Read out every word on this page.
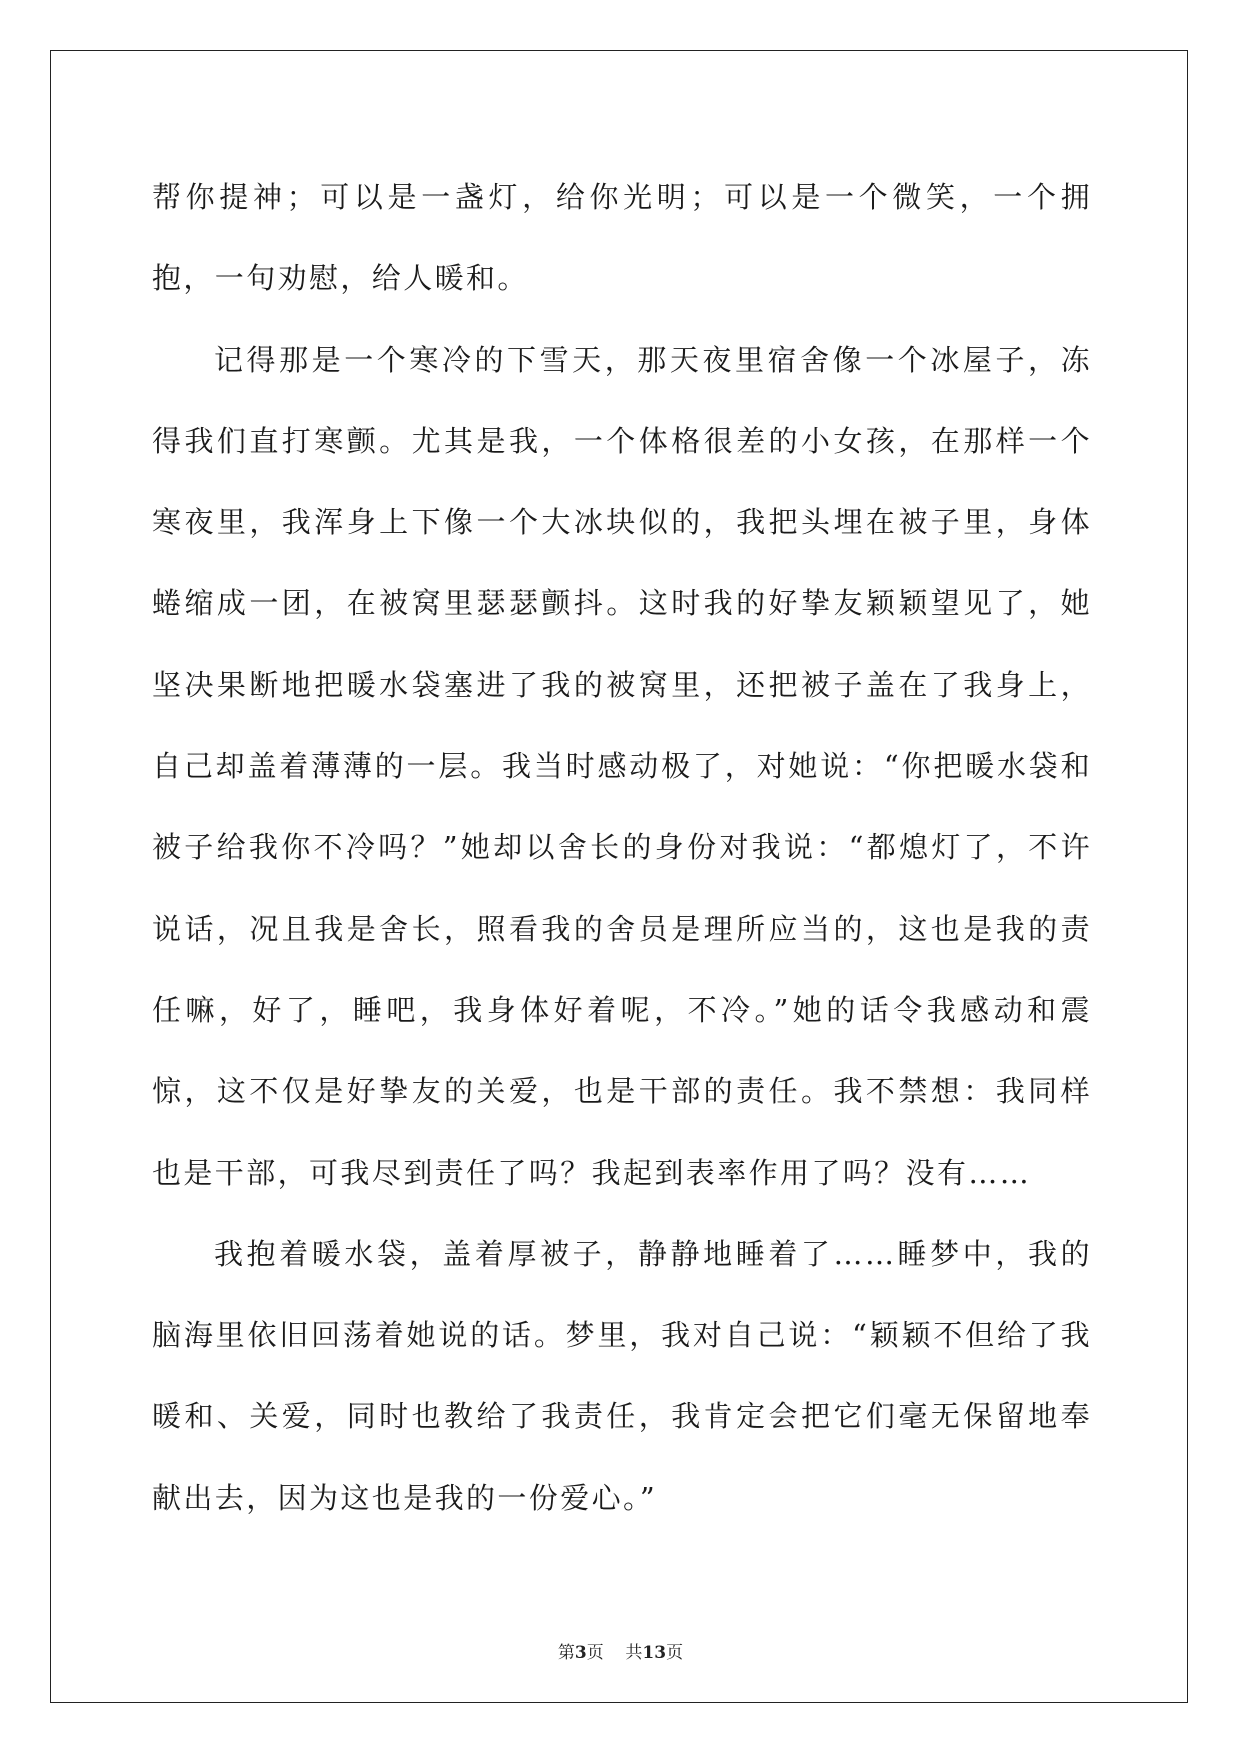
帮你提神；可以是一盏灯，给你光明；可以是一个微笑，一个拥抱，一句劝慰，给人暖和。

记得那是一个寒冷的下雪天，那天夜里宿舍像一个冰屋子，冻得我们直打寒颤。尤其是我，一个体格很差的小女孩，在那样一个寒夜里，我浑身上下像一个大冰块似的，我把头埋在被子里，身体蜷缩成一团，在被窝里瑟瑟颤抖。这时我的好挚友颖颖望见了，她坚决果断地把暖水袋塞进了我的被窝里，还把被子盖在了我身上，自己却盖着薄薄的一层。我当时感动极了，对她说：“你把暖水袋和被子给我你不冷吗？”她却以舍长的身份对我说：“都熄灯了，不许说话，况且我是舍长，照看我的舍员是理所应当的，这也是我的责任嘛，好了，睡吧，我身体好着呢，不冷。”她的话令我感动和震惊，这不仅是好挚友的关爱，也是干部的责任。我不禁想：我同样也是干部，可我尽到责任了吗？我起到表率作用了吗？没有……

我抱着暖水袋，盖着厚被子，静静地睡着了……睡梦中，我的脑海里依旧回荡着她说的话。梦里，我对自己说：“颖颖不但给了我暖和、关爱，同时也教给了我责任，我肯定会把它们毫无保留地奉献出去，因为这也是我的一份爱心。”

第3页 共13页
